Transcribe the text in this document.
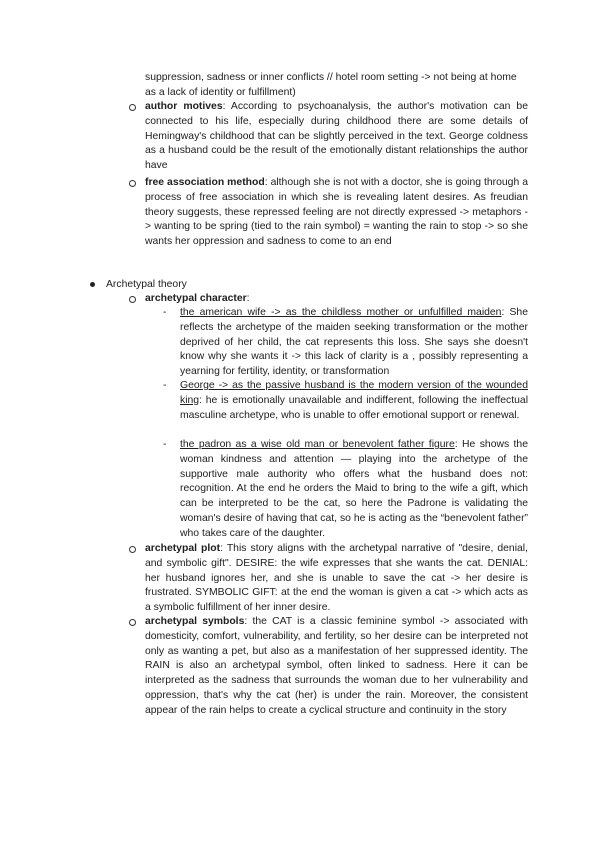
suppression, sadness or inner conflicts // hotel room setting -> not being at home as a lack of identity or fulfillment)
author motives: According to psychoanalysis, the author's motivation can be connected to his life, especially during childhood there are some details of Hemingway's childhood that can be slightly perceived in the text. George coldness as a husband could be the result of the emotionally distant relationships the author have
free association method: although she is not with a doctor, she is going through a process of free association in which she is revealing latent desires. As freudian theory suggests, these repressed feeling are not directly expressed -> metaphors -> wanting to be spring (tied to the rain symbol) = wanting the rain to stop -> so she wants her oppression and sadness to come to an end
Archetypal theory
archetypal character:
- the american wife -> as the childless mother or unfulfilled maiden: She reflects the archetype of the maiden seeking transformation or the mother deprived of her child, the cat represents this loss. She says she doesn't know why she wants it -> this lack of clarity is a , possibly representing a yearning for fertility, identity, or transformation
- George -> as the passive husband is the modern version of the wounded king: he is emotionally unavailable and indifferent, following the ineffectual masculine archetype, who is unable to offer emotional support or renewal.
- the padron as a wise old man or benevolent father figure: He shows the woman kindness and attention — playing into the archetype of the supportive male authority who offers what the husband does not: recognition. At the end he orders the Maid to bring to the wife a gift, which can be interpreted to be the cat, so here the Padrone is validating the woman's desire of having that cat, so he is acting as the “benevolent father” who takes care of the daughter.
archetypal plot: This story aligns with the archetypal narrative of "desire, denial, and symbolic gift". DESIRE: the wife expresses that she wants the cat. DENIAL: her husband ignores her, and she is unable to save the cat -> her desire is frustrated. SYMBOLIC GIFT: at the end the woman is given a cat -> which acts as a symbolic fulfillment of her inner desire.
archetypal symbols: the CAT is a classic feminine symbol -> associated with domesticity, comfort, vulnerability, and fertility, so her desire can be interpreted not only as wanting a pet, but also as a manifestation of her suppressed identity. The RAIN is also an archetypal symbol, often linked to sadness. Here it can be interpreted as the sadness that surrounds the woman due to her vulnerability and oppression, that's why the cat (her) is under the rain. Moreover, the consistent appear of the rain helps to create a cyclical structure and continuity in the story
